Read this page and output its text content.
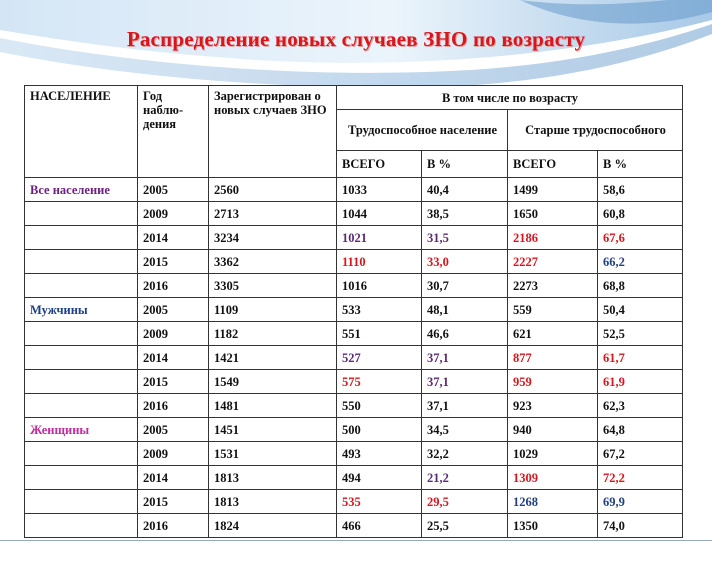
Распределение новых случаев ЗНО по возрасту
НАСЕЛЕНИЕ	Год наблю-дения	Зарегистрирован о новых случаев ЗНО	В том числе по возрасту			
			Трудоспособное население		Старше трудоспособного	
			ВСЕГО	В %	ВСЕГО	В %
Все население	2005	2560	1033	40,4	1499	58,6
	2009	2713	1044	38,5	1650	60,8
	2014	3234	1021	31,5	2186	67,6
	2015	3362	1110	33,0	2227	66,2
	2016	3305	1016	30,7	2273	68,8
Мужчины	2005	1109	533	48,1	559	50,4
	2009	1182	551	46,6	621	52,5
	2014	1421	527	37,1	877	61,7
	2015	1549	575	37,1	959	61,9
	2016	1481	550	37,1	923	62,3
Женщины	2005	1451	500	34,5	940	64,8
	2009	1531	493	32,2	1029	67,2
	2014	1813	494	21,2	1309	72,2
	2015	1813	535	29,5	1268	69,9
	2016	1824	466	25,5	1350	74,0
